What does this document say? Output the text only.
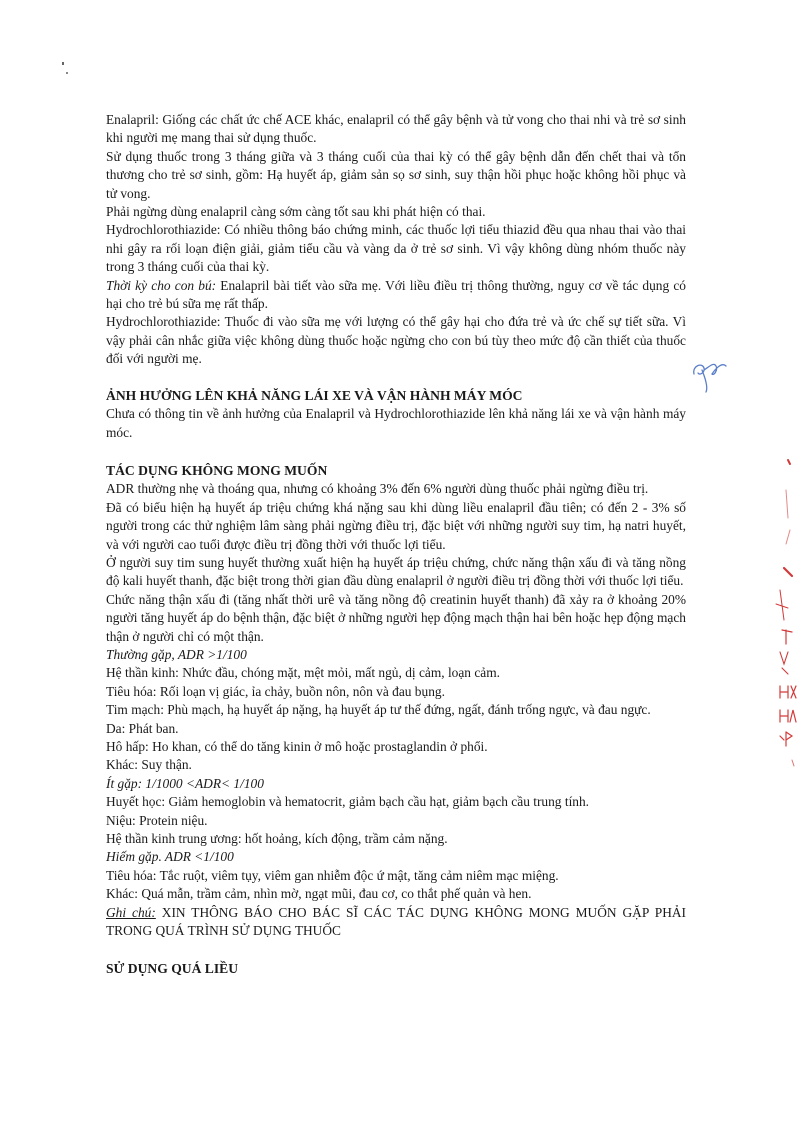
Enalapril: Giống các chất ức chế ACE khác, enalapril có thể gây bệnh và tử vong cho thai nhi và trẻ sơ sinh khi người mẹ mang thai sử dụng thuốc.

Sử dụng thuốc trong 3 tháng giữa và 3 tháng cuối của thai kỳ có thể gây bệnh dẫn đến chết thai và tổn thương cho trẻ sơ sinh, gồm: Hạ huyết áp, giảm sản sọ sơ sinh, suy thận hồi phục hoặc không hồi phục và tử vong.

Phải ngừng dùng enalapril càng sớm càng tốt sau khi phát hiện có thai.

Hydrochlorothiazide: Có nhiều thông báo chứng minh, các thuốc lợi tiểu thiazid đều qua nhau thai vào thai nhi gây ra rối loạn điện giải, giảm tiểu cầu và vàng da ở trẻ sơ sinh. Vì vậy không dùng nhóm thuốc này trong 3 tháng cuối của thai kỳ.

Thời kỳ cho con bú: Enalapril bài tiết vào sữa mẹ. Với liều điều trị thông thường, nguy cơ về tác dụng có hại cho trẻ bú sữa mẹ rất thấp.

Hydrochlorothiazide: Thuốc đi vào sữa mẹ với lượng có thể gây hại cho đứa trẻ và ức chế sự tiết sữa. Vì vậy phải cân nhắc giữa việc không dùng thuốc hoặc ngừng cho con bú tùy theo mức độ cần thiết của thuốc đối với người mẹ.

ẢNH HƯỞNG LÊN KHẢ NĂNG LÁI XE VÀ VẬN HÀNH MÁY MÓC

Chưa có thông tin về ảnh hưởng của Enalapril và Hydrochlorothiazide lên khả năng lái xe và vận hành máy móc.

TÁC DỤNG KHÔNG MONG MUỐN

ADR thường nhẹ và thoáng qua, nhưng có khoảng 3% đến 6% người dùng thuốc phải ngừng điều trị.

Đã có biểu hiện hạ huyết áp triệu chứng khá nặng sau khi dùng liều enalapril đầu tiên; có đến 2 - 3% số người trong các thử nghiệm lâm sàng phải ngừng điều trị, đặc biệt với những người suy tim, hạ natri huyết, và với người cao tuổi được điều trị đồng thời với thuốc lợi tiểu.

Ở người suy tim sung huyết thường xuất hiện hạ huyết áp triệu chứng, chức năng thận xấu đi và tăng nồng độ kali huyết thanh, đặc biệt trong thời gian đầu dùng enalapril ở người điều trị đồng thời với thuốc lợi tiểu.

Chức năng thận xấu đi (tăng nhất thời urê và tăng nồng độ creatinin huyết thanh) đã xảy ra ở khoảng 20% người tăng huyết áp do bệnh thận, đặc biệt ở những người hẹp động mạch thận hai bên hoặc hẹp động mạch thận ở người chỉ có một thận.

Thường gặp, ADR >1/100

Hệ thần kinh: Nhức đầu, chóng mặt, mệt mỏi, mất ngủ, dị cảm, loạn cảm.

Tiêu hóa: Rối loạn vị giác, ỉa chảy, buồn nôn, nôn và đau bụng.

Tim mạch: Phù mạch, hạ huyết áp nặng, hạ huyết áp tư thế đứng, ngất, đánh trống ngực, và đau ngực.

Da: Phát ban.

Hô hấp: Ho khan, có thể do tăng kinin ở mô hoặc prostaglandin ở phổi.

Khác: Suy thận.

Ít gặp: 1/1000 <ADR< 1/100

Huyết học: Giảm hemoglobin và hematocrit, giảm bạch cầu hạt, giảm bạch cầu trung tính.

Niệu: Protein niệu.

Hệ thần kinh trung ương: hốt hoảng, kích động, trầm cảm nặng.

Hiếm gặp. ADR <1/100

Tiêu hóa: Tắc ruột, viêm tụy, viêm gan nhiễm độc ứ mật, tăng cảm niêm mạc miệng.

Khác: Quá mẫn, trầm cảm, nhìn mờ, ngạt mũi, đau cơ, co thắt phế quản và hen.

Ghi chú: XIN THÔNG BÁO CHO BÁC SĨ CÁC TÁC DỤNG KHÔNG MONG MUỐN GẶP PHẢI TRONG QUÁ TRÌNH SỬ DỤNG THUỐC

SỬ DỤNG QUÁ LIỀU
